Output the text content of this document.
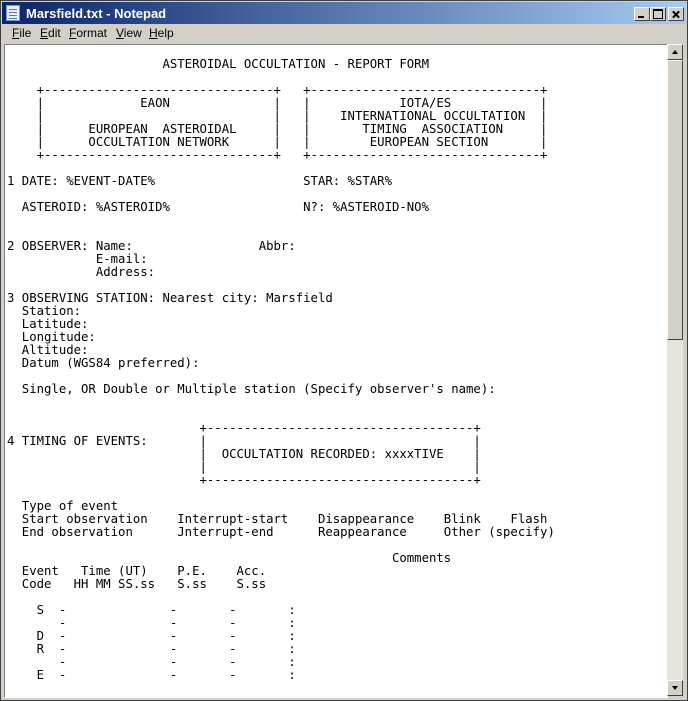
Marsfield.txt - Notepad
File Edit Format View Help

ASTEROIDAL OCCULTATION - REPORT FORM

+-------------------------------+   +-------------------------------+
|             EAON              |   |            IOTA/ES            |
|                               |   |    INTERNATIONAL OCCULTATION  |
|      EUROPEAN  ASTEROIDAL     |   |       TIMING  ASSOCIATION     |
|      OCCULTATION NETWORK      |   |        EUROPEAN SECTION       |
+-------------------------------+   +-------------------------------+

1 DATE: %EVENT-DATE%                    STAR: %STAR%

ASTEROID: %ASTEROID%                  N?: %ASTEROID-NO%

2 OBSERVER: Name:                 Abbr:
E-mail:
Address:

3 OBSERVING STATION: Nearest city: Marsfield
Station:
Latitude:
Longitude:
Altitude:
Datum (WGS84 preferred):

Single, OR Double or Multiple station (Specify observer's name):

+------------------------------------+
4 TIMING OF EVENTS:       |                                    |
|  OCCULTATION RECORDED: xxxxTIVE    |
|                                    |
+------------------------------------+

Type of event
Start observation    Interrupt-start    Disappearance    Blink    Flash
End observation      Jnterrupt-end      Reappearance     Other (specify)

Comments
Event   Time (UT)    P.E.    Acc.
Code   HH MM SS.ss   S.ss    S.ss

S  -              -       -       :
-              -       -       :
D  -              -       -       :
R  -              -       -       :
-              -       -       :
E  -              -       -       :
